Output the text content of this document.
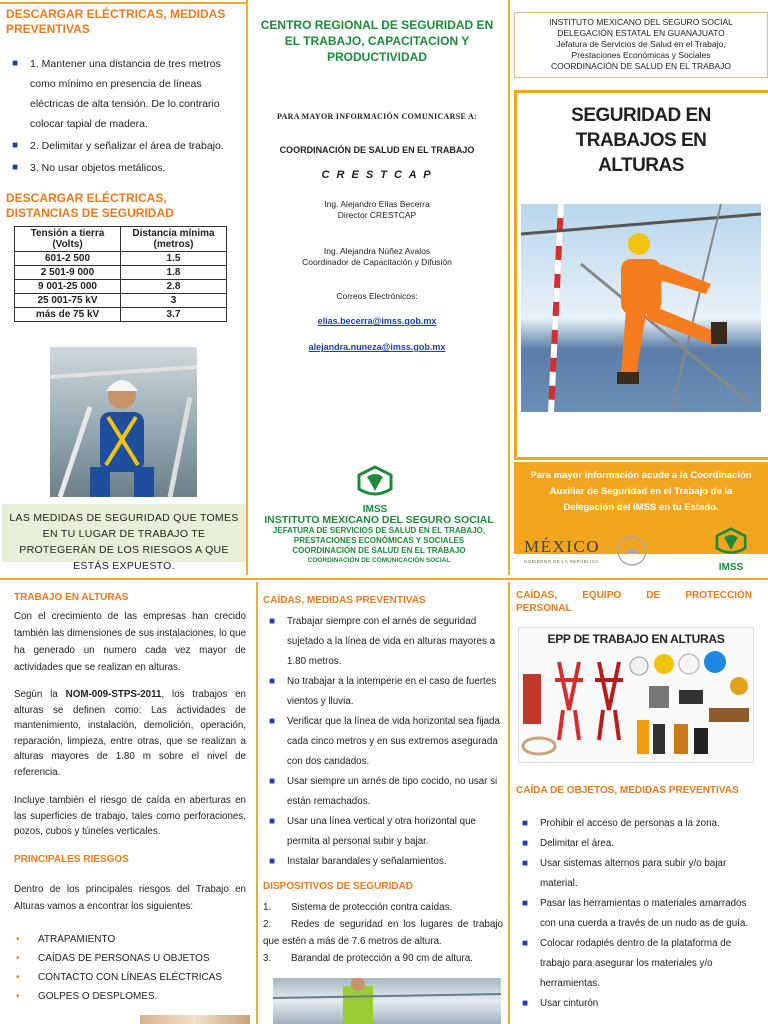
DESCARGAR ELÉCTRICAS, MEDIDAS PREVENTIVAS
■ 1. Mantener una distancia de tres metros como mínimo en presencia de líneas eléctricas de alta tensión. De lo contrario colocar tapial de madera.
■ 2. Delimitar y señalizar el área de trabajo.
■ 3. No usar objetos metálicos.
DESCARGAR ELÉCTRICAS, DISTANCIAS DE SEGURIDAD
Tensión a tierra (Volts)	Distancia mínima (metros)
601-2 500	1.5
2 501-9 000	1.8
9 001-25 000	2.8
25 001-75 kV	3
más de 75 kV	3.7
LAS MEDIDAS DE SEGURIDAD QUE TOMES EN TU LUGAR DE TRABAJO TE PROTEGERÁN DE LOS RIESGOS A QUE ESTÁS EXPUESTO.
CENTRO REGIONAL DE SEGURIDAD EN EL TRABAJO, CAPACITACION Y PRODUCTIVIDAD
PARA MAYOR INFORMACIÓN COMUNICARSE A:
COORDINACIÓN DE SALUD EN EL TRABAJO
C R E S T C A P
Ing. Alejandro Elías Becerra
Director CRESTCAP
Ing. Alejandra Núñez Avalos
Coordinador de Capacitación y Difusión
Correos Electrónicos:
elias.becerra@imss.gob.mx
alejandra.nuneza@imss.gob.mx
IMSS
INSTITUTO MEXICANO DEL SEGURO SOCIAL
JEFATURA DE SERVICIOS DE SALUD EN EL TRABAJO,
PRESTACIONES ECONÓMICAS Y SOCIALES
COORDINACIÓN DE SALUD EN EL TRABAJO
COORDINACIÓN DE COMUNICACIÓN SOCIAL
INSTITUTO MEXICANO DEL SEGURO SOCIAL
DELEGACIÓN ESTATAL EN GUANAJUATO
Jefatura de Servicios de Salud en el Trabajo,
Prestaciones Económicas y Sociales
COORDINACIÓN DE SALUD EN EL TRABAJO
SEGURIDAD EN TRABAJOS EN ALTURAS
Para mayor información acude a la Coordinación Auxiliar de Seguridad en el Trabajo de la Delegación del IMSS en tu Estado.
MÉXICO
GOBIERNO DE LA REPÚBLICA
IMSS
TRABAJO EN ALTURAS
Con el crecimiento de las empresas han crecido también las dimensiones de sus instalaciones, lo que ha generado un numero cada vez mayor de actividades que se realizan en alturas.
Según la NOM-009-STPS-2011, los trabajos en alturas se definen como: Las actividades de mantenimiento, instalación, demolición, operación, reparación, limpieza, entre otras, que se realizan a alturas mayores de 1.80 m sobre el nivel de referencia.
Incluye también el riesgo de caída en aberturas en las superficies de trabajo, tales como perforaciones, pozos, cubos y túneles verticales.
PRINCIPALES RIESGOS
Dentro de los principales riesgos del Trabajo en Alturas vamos a encontrar los siguientes:
• ATRAPAMIENTO
• CAÍDAS DE PERSONAS U OBJETOS
• CONTACTO CON LÍNEAS ELÉCTRICAS
• GOLPES O DESPLOMES.
CAÍDAS, MEDIDAS PREVENTIVAS
■ Trabajar siempre con el arnés de seguridad sujetado a la línea de vida en alturas mayores a 1.80 metros.
■ No trabajar a la intemperie en el caso de fuertes vientos y lluvia.
■ Verificar que la línea de vida horizontal sea fijada cada cinco metros y en sus extremos asegurada con dos candados.
■ Usar siempre un arnés de tipo cocido, no usar si están remachados.
■ Usar una línea vertical y otra horizontal que permita al personal subir y bajar.
■ Instalar barandales y señalamientos.
DISPOSITIVOS DE SEGURIDAD
1. Sistema de protección contra caídas.
2. Redes de seguridad en los lugares de trabajo que estén a más de 7.6 metros de altura.
3. Barandal de protección a 90 cm de altura.
CAÍDAS, EQUIPO DE PROTECCIÓN PERSONAL
EPP DE TRABAJO EN ALTURAS
CAÍDA DE OBJETOS, MEDIDAS PREVENTIVAS
■ Prohibir el acceso de personas a la zona.
■ Delimitar el área.
■ Usar sistemas alternos para subir y/o bajar material.
■ Pasar las herramientas o materiales amarrados con una cuerda a través de un nudo as de guía.
■ Colocar rodapiés dentro de la plataforma de trabajo para asegurar los materiales y/o herramientas.
■ Usar cinturón
